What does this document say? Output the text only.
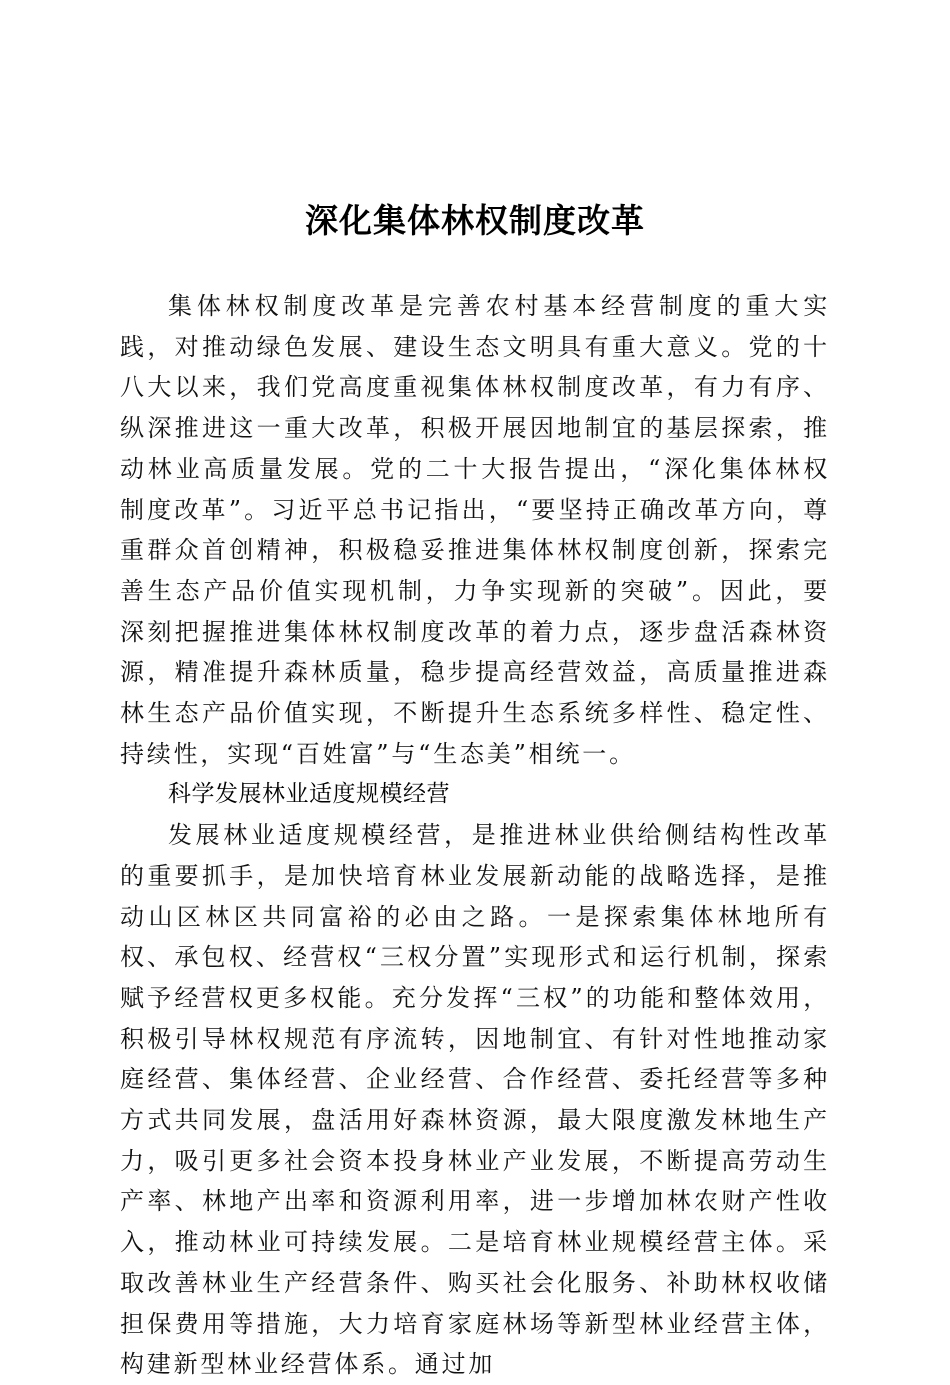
深化集体林权制度改革

集体林权制度改革是完善农村基本经营制度的重大实践，对推动绿色发展、建设生态文明具有重大意义。党的十八大以来，我们党高度重视集体林权制度改革，有力有序、纵深推进这一重大改革，积极开展因地制宜的基层探索，推动林业高质量发展。党的二十大报告提出，“深化集体林权制度改革”。习近平总书记指出，“要坚持正确改革方向，尊重群众首创精神，积极稳妥推进集体林权制度创新，探索完善生态产品价值实现机制，力争实现新的突破”。因此，要深刻把握推进集体林权制度改革的着力点，逐步盘活森林资源，精准提升森林质量，稳步提高经营效益，高质量推进森林生态产品价值实现，不断提升生态系统多样性、稳定性、持续性，实现“百姓富”与“生态美”相统一。

科学发展林业适度规模经营

发展林业适度规模经营，是推进林业供给侧结构性改革的重要抓手，是加快培育林业发展新动能的战略选择，是推动山区林区共同富裕的必由之路。一是探索集体林地所有权、承包权、经营权“三权分置”实现形式和运行机制，探索赋予经营权更多权能。充分发挥“三权”的功能和整体效用，积极引导林权规范有序流转，因地制宜、有针对性地推动家庭经营、集体经营、企业经营、合作经营、委托经营等多种方式共同发展，盘活用好森林资源，最大限度激发林地生产力，吸引更多社会资本投身林业产业发展，不断提高劳动生产率、林地产出率和资源利用率，进一步增加林农财产性收入，推动林业可持续发展。二是培育林业规模经营主体。采取改善林业生产经营条件、购买社会化服务、补助林权收储担保费用等措施，大力培育家庭林场等新型林业经营主体，构建新型林业经营体系。通过加
